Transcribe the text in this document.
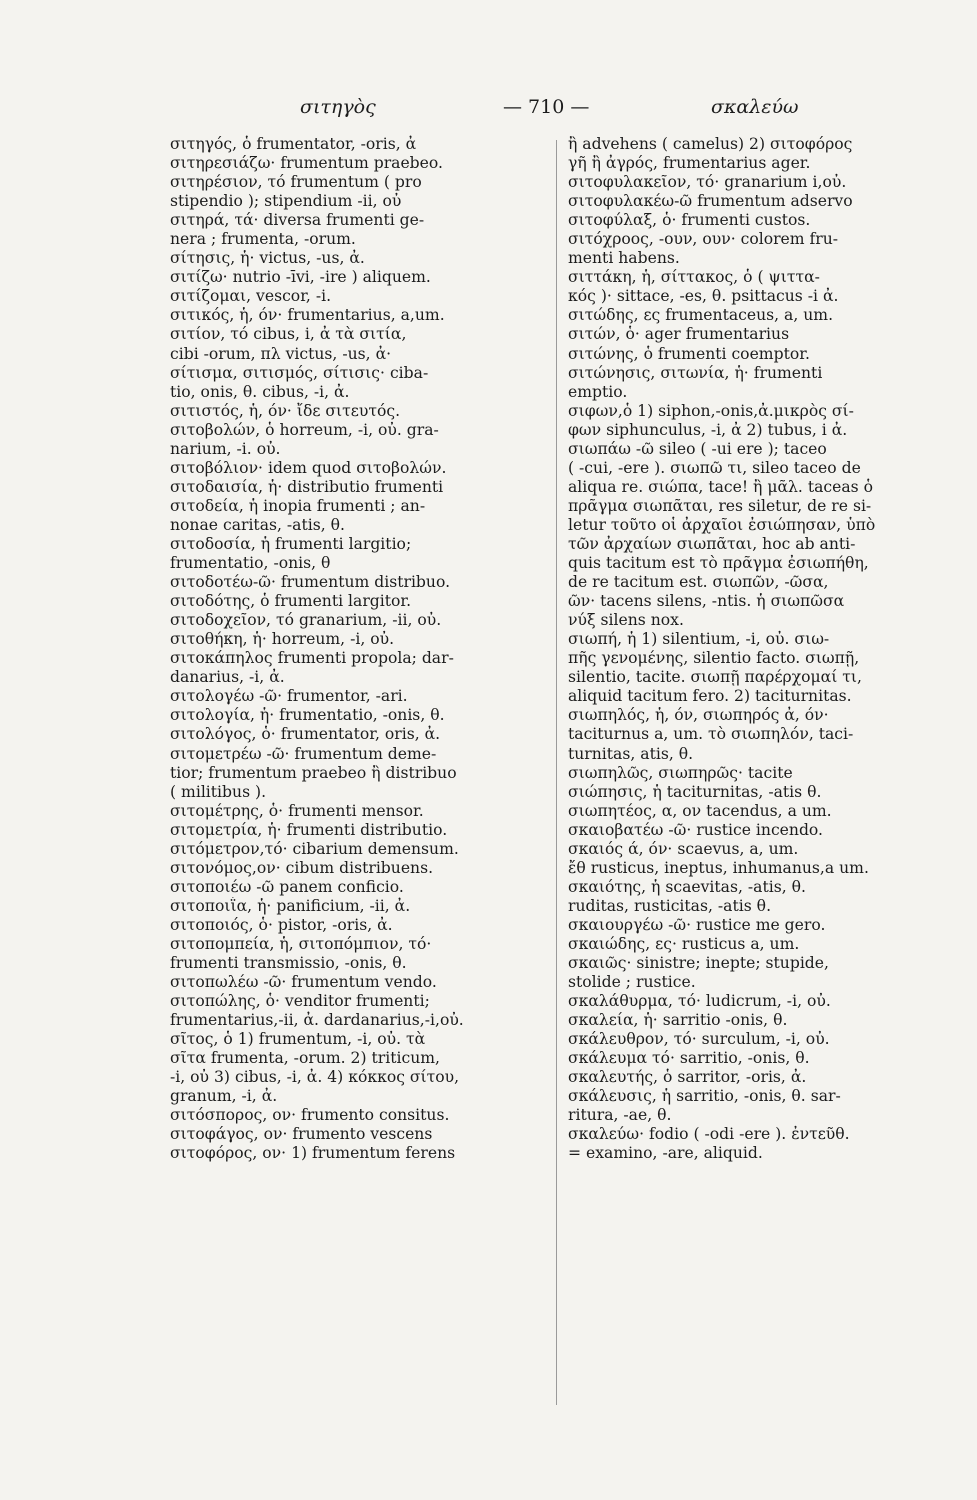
σιτηγὸς	— 710 —	σκαλεύω
σιτηγός, ὁ frumentator, -oris, ἀ
σιτηρεσιάζω· frumentum praebeo.
σιτηρέσιον, τό frumentum ( pro
stipendio ); stipendium -ii, οὐ
σιτηρά, τά· diversa frumenti ge-
nera ; frumenta, -orum.
σίτησις, ἡ· victus, -us, ἀ.
σιτίζω· nutrio -īvi, -ire ) aliquem.
σιτίζομαι, vescor, -i.
σιτικός, ἡ, όν· frumentarius, a,um.
σιτίον, τό cibus, i, ἀ τὰ σιτία,
cibi -orum, πλ victus, -us, ἀ·
σίτισμα, σιτισμός, σίτισις· ciba-
tio, onis, θ. cibus, -i, ἀ.
σιτιστός, ἡ, όν· ἴδε σιτευτός.
σιτοβολών, ὁ horreum, -i, οὐ. gra-
narium, -i. οὐ.
σιτοβόλιον· idem quod σιτοβολών.
σιτοδαισία, ἡ· distributio frumenti
σιτοδεία, ἡ inopia frumenti ; an-
nonae caritas, -atis, θ.
σιτοδοσία, ἡ frumenti largitio;
frumentatio, -onis, θ
σιτοδοτέω-ῶ· frumentum distribuo.
σιτοδότης, ὁ frumenti largitor.
σιτοδοχεῖον, τό granarium, -ii, οὐ.
σιτοθήκη, ἡ· horreum, -i, οὐ.
σιτοκάπηλος frumenti propola; dar-
danarius, -i, ἀ.
σιτολογέω -ῶ· frumentor, -ari.
σιτολογία, ἡ· frumentatio, -onis, θ.
σιτολόγος, ὁ· frumentator, oris, ἀ.
σιτομετρέω -ῶ· frumentum deme-
tior; frumentum praebeo ἢ distribuo
( militibus ).
σιτομέτρης, ὁ· frumenti mensor.
σιτομετρία, ἡ· frumenti distributio.
σιτόμετρον,τό· cibarium demensum.
σιτονόμος,ον· cibum distribuens.
σιτοποιέω -ῶ panem conficio.
σιτοποιΐα, ἡ· panificium, -ii, ἀ.
σιτοποιός, ὁ· pistor, -oris, ἀ.
σιτοπομπεία, ἡ, σιτοπόμπιον, τό·
frumenti transmissio, -onis, θ.
σιτοπωλέω -ῶ· frumentum vendo.
σιτοπώλης, ὁ· venditor frumenti;
frumentarius,-ii, ἀ. dardanarius,-i,οὐ.
σῖτος, ὁ 1) frumentum, -i, οὐ. τὰ
σῖτα frumenta, -orum. 2) triticum,
-i, οὐ 3) cibus, -i, ἀ. 4) κόκκος σίτου,
granum, -i, ἀ.
σιτόσπορος, ον· frumento consitus.
σιτοφάγος, ον· frumento vescens
σιτοφόρος, ον· 1) frumentum ferens
ἢ advehens ( camelus) 2) σιτοφόρος
γῆ ἢ ἀγρός, frumentarius ager.
σιτοφυλακεῖον, τό· granarium i,οὐ.
σιτοφυλακέω-ῶ frumentum adservo
σιτοφύλαξ, ὁ· frumenti custos.
σιτόχροος, -ουν, ουν· colorem fru-
menti habens.
σιττάκη, ἡ, σίττακος, ὁ ( ψιττα-
κός )· sittace, -es, θ. psittacus -i ἀ.
σιτώδης, ες frumentaceus, a, um.
σιτών, ὁ· ager frumentarius
σιτώνης, ὁ frumenti coemptor.
σιτώνησις, σιτωνία, ἡ· frumenti
emptio.
σιφων,ὁ 1) siphon,-onis,ἀ.μικρὸς σί-
φων siphunculus, -i, ἀ 2) tubus, i ἀ.
σιωπάω -ῶ sileo ( -ui ere ); taceo
( -cui, -ere ). σιωπῶ τι, sileo taceo de
aliqua re. σιώπα, tace! ἢ μᾶλ. taceas ὁ
πρᾶγμα σιωπᾶται, res siletur, de re si-
letur τοῦτο οἱ ἀρχαῖοι ἐσιώπησαν, ὑπὸ
τῶν ἀρχαίων σιωπᾶται, hoc ab anti-
quis tacitum est τὸ πρᾶγμα ἐσιωπήθη,
de re tacitum est. σιωπῶν, -ῶσα,
ῶν· tacens silens, -ntis. ἡ σιωπῶσα
νύξ silens nox.
σιωπή, ἡ 1) silentium, -i, οὐ. σιω-
πῆς γενομένης, silentio facto. σιωπῇ,
silentio, tacite. σιωπῇ παρέρχομαί τι,
aliquid tacitum fero. 2) taciturnitas.
σιωπηλός, ἡ, όν, σιωπηρός ἀ, όν·
taciturnus a, um. τὸ σιωπηλόν, taci-
turnitas, atis, θ.
σιωπηλῶς, σιωπηρῶς· tacite
σιώπησις, ἡ taciturnitas, -atis θ.
σιωπητέος, α, ον tacendus, a um.
σκαιοβατέω -ῶ· rustice incendo.
σκαιός ά, όν· scaevus, a, um.
ἔθ rusticus, ineptus, inhumanus,a um.
σκαιότης, ἡ scaevitas, -atis, θ.
ruditas, rusticitas, -atis θ.
σκαιουργέω -ῶ· rustice me gero.
σκαιώδης, ες· rusticus a, um.
σκαιῶς· sinistre; inepte; stupide,
stolide ; rustice.
σκαλάθυρμα, τό· ludicrum, -i, οὐ.
σκαλεία, ἡ· sarritio -onis, θ.
σκάλευθρον, τό· surculum, -i, οὐ.
σκάλευμα τό· sarritio, -onis, θ.
σκαλευτής, ὁ sarritor, -oris, ἀ.
σκάλευσις, ἡ sarritio, -onis, θ. sar-
ritura, -ae, θ.
σκαλεύω· fodio ( -odi -ere ). ἐντεῦθ.
= examino, -are, aliquid.
